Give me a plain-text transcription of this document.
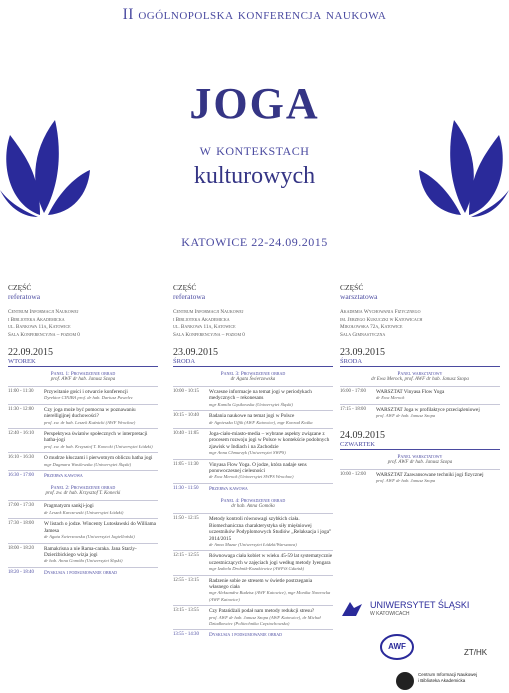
II ogólnopolska konferencja naukowa
JOGA
w kontekstach
kulturowych
KATOWICE 22-24.09.2015
CZĘŚĆ
referatowa
Centrum Informacji Naukowej
i Biblioteka Akademicka
ul. Bankowa 11a, Katowice
Sala Konferencyjna – poziom 0
22.09.2015
WTOREK
Panel 1: Prowadzenie obrad
prof. AWF dr hab. Janusz Szopa
11:00 - 11:30	Przywitanie gości i otwarcie konferencji
Dyrektor CINIBA prof. dr hab. Dariusz Pawelec
11:30 - 12:00	Czy joga może być pomocna w poznawaniu nierelligijnej duchowości?
prof. zw. dr hab. Leszek Kuźnicki (AWF Wrocław)
12:40 - 16:10	Perspektywa światów społecznych w interpretacji hatha-jogi
prof. zw. dr hab. Krzysztof T. Konecki (Uniwersytet Łódzki)
16:10 - 16:30	O mudrze kłuczami i pierwotnym obliczu hatha jogi
mgr Dagmara Wasilewska (Uniwersytet Śląski)
16:30 - 17:00	Przerwa kawowa
Panel 2: Prowadzenie obrad
prof. zw. dr hab. Krzysztof T. Konecki
17:00 - 17:30	Pragmatyzm sankji-jogi
dr Leszek Karczewski (Uniwersytet Łódzki)
17:30 - 18:00	W listach o jodze. Wincenty Lutosławski do Williama Jamesa
dr Agata Świerzowska (Uniwersytet Jagielloński)
18:00 - 18:20	Ramakrisna a nie Rama-caraka. Jana Starży-Dzierżbickiego wizja jogi
dr hab. Anna Gomóła (Uniwersytet Śląski)
18:20 - 18:40	Dyskusja i podsumowanie obrad
CZĘŚĆ
referatowa
Centrum Informacji Naukowej
i Biblioteka Akademicka
ul. Bankowa 11a, Katowice
Sala Konferencyjna – poziom 0
23.09.2015
ŚRODA
Panel 3: Prowadzenie obrad
dr Agata Świerzowska
10:00 - 10:15	Wczesne informacje na temat jogi w periodykach medycznych – rekonesans
mgr Kamila Gąsikowska (Uniwersytet Śląski)
10:15 - 10:40	Badania naukowe na temat jogi w Polsce
dr Agnieszka Uffik (AWF Katowice), mgr Konrad Kośka
10:40 - 11:05	Joga-ciało-miasto-media – wybrane aspekty związane z procesem rozwoju jogi w Polsce w kontekście podobnych zjawisk w Indiach i na Zachodzie
mgr Anna Chmurzyk (Uniwersytet SWPS)
11:05 - 11:30	Vinyasa Flow Yoga. O jodze, która nadaje sens ponowoczesnej cielesności
dr Ewa Merock (Uniwersytet SWPS Wrocław)
11:30 - 11:50	Przerwa kawowa
Panel 4: Prowadzenie obrad
dr hab. Anna Gomóła
11:50 - 12:15	Metody kontroli równowagi szybkich ciała. Biomechaniczna charakterystyka siły mięśniowej uczestników Podyplomowych Studiów „Relaksacja i joga” 2014/2015
dr Anna Mazur (Uniwersytet Łódzki/Warszawa)
12:15 - 12:55	Równowaga ciała kobiet w wieku 45-59 lat systematycznie uczestniczących w zajęciach jogi według metody Iyengara
mgr Izabela Drobnik-Kozakiewicz (AWFiS Gdańsk)
12:55 - 13:15	Radzenie sobie ze stresem w świetle postrzegania własnego ciała
mgr Aleksandra Budzisz (AWF Katowice), mgr Monika Nawrocka (AWF Katowice)
13:15 - 13:55	Czy Patańdżali podał nam metody redukcji stresu?
prof. AWF dr hab. Janusz Szopa (AWF Katowice), dr Michał Dziadkowiec (Politechnika Częstochowska)
13:55 - 14:30	Dyskusja i podsumowanie obrad
CZĘŚĆ
warsztatowa
Akademia Wychowania Fizycznego
im. Jerzego Kukuczki w Katowicach
Mikołowska 72a, Katowice
Sala Gimnastyczna
23.09.2015
ŚRODA
Panel warsztatowy
dr Ewa Merock, prof. AWF dr hab. Janusz Szopa
16:00 - 17:00	WARSZTAT Vinyasa Flow Yoga
dr Ewa Merock
17:15 - 18:00	WARSZTAT Joga w profilaktyce przeciążeniowej
prof. AWF dr hab. Janusz Szopa
24.09.2015
CZWARTEK
Panel warsztatowy
prof. AWF dr hab. Janusz Szopa
10:00 - 12:00	WARSZTAT Zaawansowane techniki jogi fizycznej
prof. AWF dr hab. Janusz Szopa
UNIWERSYTET ŚLĄSKI
W KATOWICACH
AWF
ZT/HK
Centrum Informacji Naukowej i Biblioteka Akademicka
